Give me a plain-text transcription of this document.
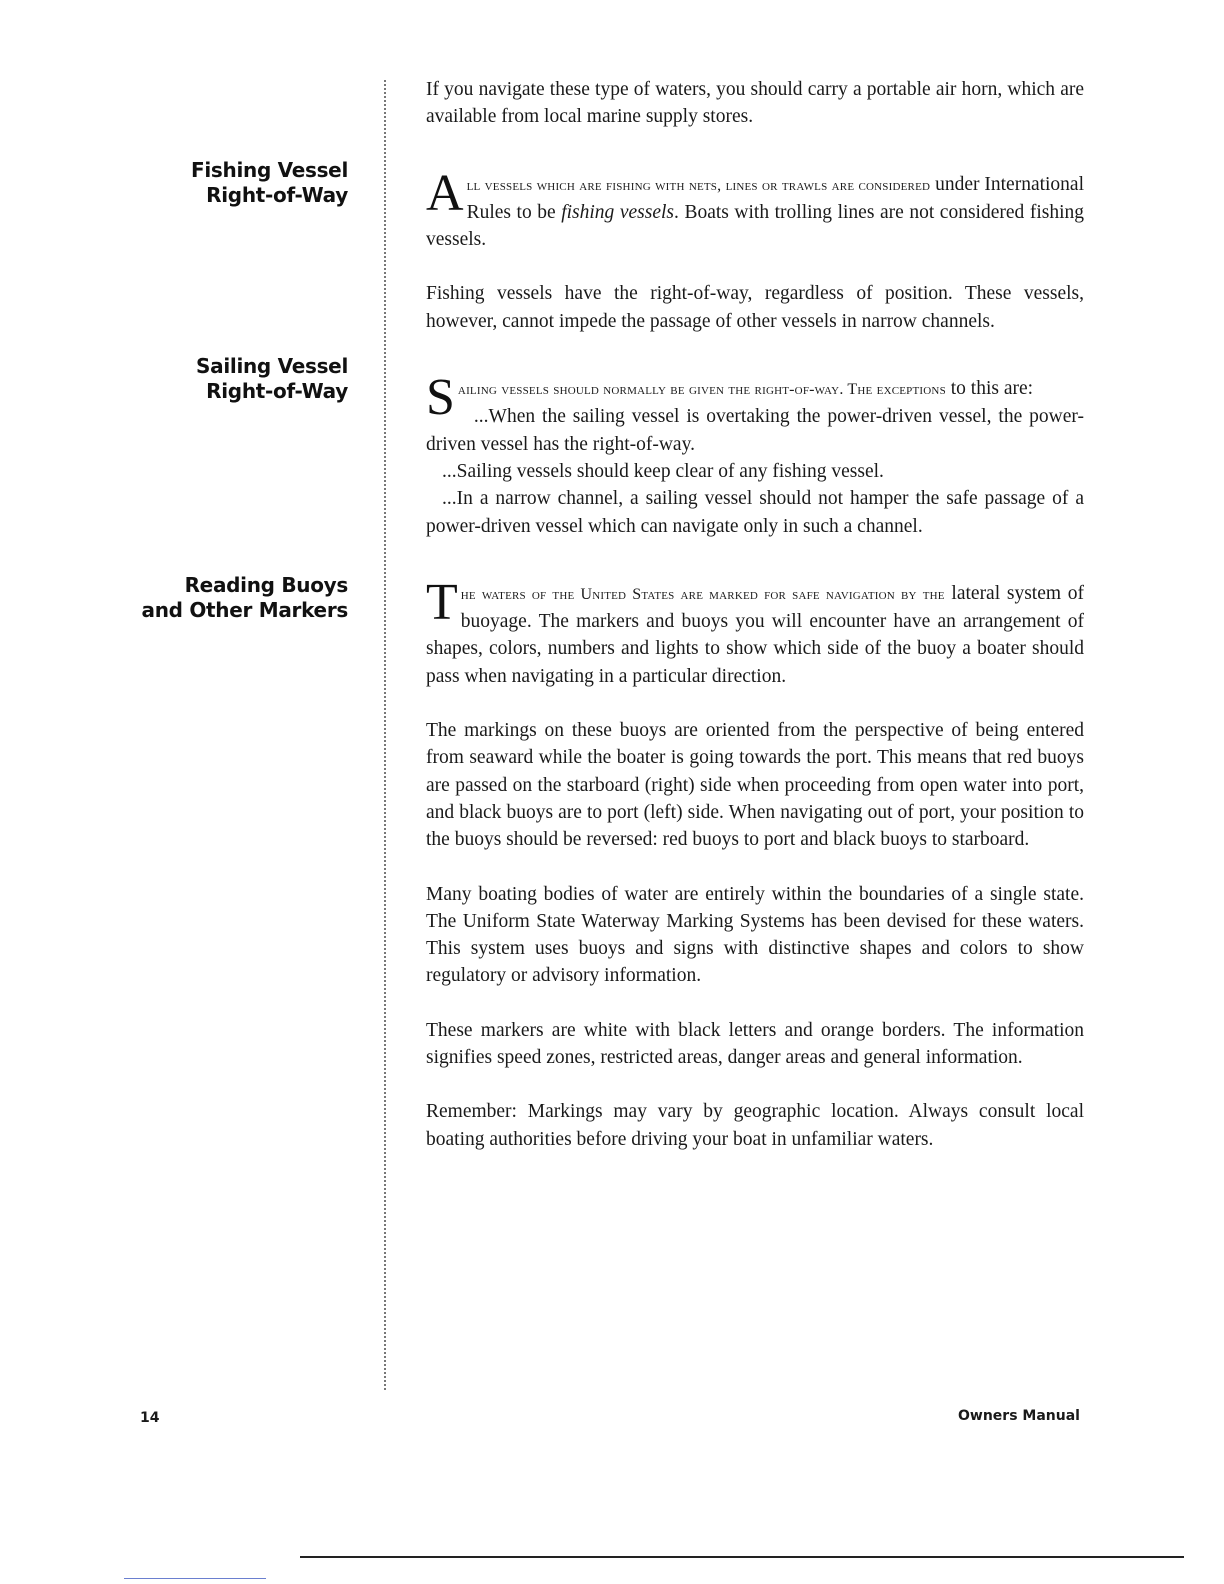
Fishing Vessel
Right-of-Way
Sailing Vessel
Right-of-Way
Reading Buoys
and Other Markers

If you navigate these type of waters, you should carry a portable air horn, which are available from local marine supply stores.

All vessels which are fishing with nets, lines or trawls are considered under International Rules to be fishing vessels. Boats with trolling lines are not considered fishing vessels.

Fishing vessels have the right-of-way, regardless of position. These vessels, however, cannot impede the passage of other vessels in narrow channels.

Sailing vessels should normally be given the right-of-way. The exceptions to this are:

...When the sailing vessel is overtaking the power-driven vessel, the power-driven vessel has the right-of-way.

...Sailing vessels should keep clear of any fishing vessel.

...In a narrow channel, a sailing vessel should not hamper the safe passage of a power-driven vessel which can navigate only in such a channel.

The waters of the United States are marked for safe navigation by the lateral system of buoyage. The markers and buoys you will encounter have an arrangement of shapes, colors, numbers and lights to show which side of the buoy a boater should pass when navigating in a particular direction.

The markings on these buoys are oriented from the perspective of being entered from seaward while the boater is going towards the port. This means that red buoys are passed on the starboard (right) side when proceeding from open water into port, and black buoys are to port (left) side. When navigating out of port, your position to the buoys should be reversed: red buoys to port and black buoys to starboard.

Many boating bodies of water are entirely within the boundaries of a single state. The Uniform State Waterway Marking Systems has been devised for these waters. This system uses buoys and signs with distinctive shapes and colors to show regulatory or advisory information.

These markers are white with black letters and orange borders. The information signifies speed zones, restricted areas, danger areas and general information.

Remember: Markings may vary by geographic location. Always consult local boating authorities before driving your boat in unfamiliar waters.

14	Owners Manual
